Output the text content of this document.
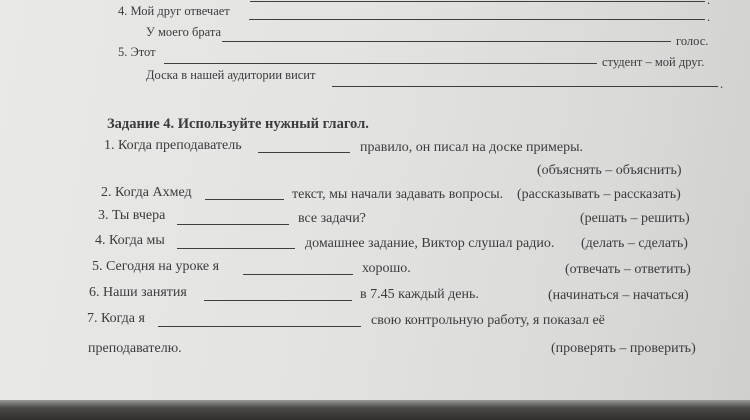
.
4. Мой друг отвечает	.
У моего брата
голос.
5. Этот
студент – мой друг.
Доска в нашей аудитории висит
.
Задание 4. Используйте нужный глагол.
1. Когда преподаватель	правило, он писал на доске примеры.
(объяснять – объяснить)
2. Когда Ахмед	текст, мы начали задавать вопросы. (рассказывать – рассказать)
3. Ты вчера	все задачи?	(решать – решить)
4. Когда мы	домашнее задание, Виктор слушал радио. (делать – сделать)
5. Сегодня на уроке я	хорошо.	(отвечать – ответить)
6. Наши занятия	в 7.45 каждый день.	(начинаться – начаться)
7. Когда я	свою контрольную работу, я показал её
преподавателю.	(проверять – проверить)
